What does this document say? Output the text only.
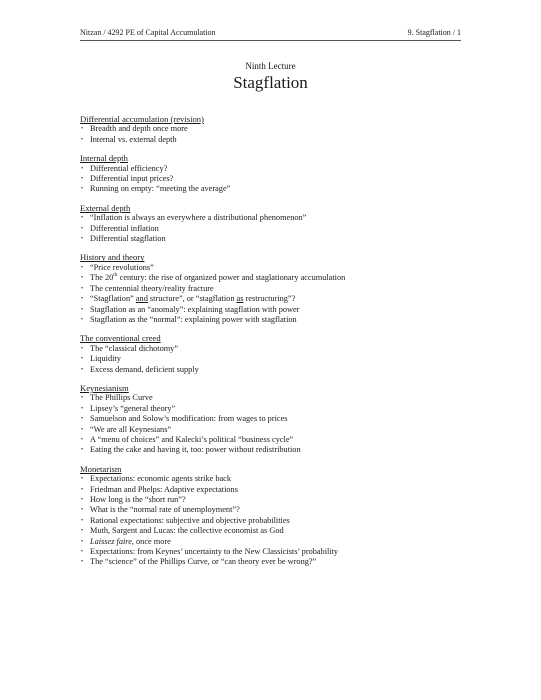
Nitzan / 4292 PE of Capital Accumulation	9. Stagflation / 1
Ninth Lecture
Stagflation
Differential accumulation (revision)
• Breadth and depth once more
• Internal vs. external depth
Internal depth
• Differential efficiency?
• Differential input prices?
• Running on empty: “meeting the average”
External depth
• “Inflation is always an everywhere a distributional phenomenon”
• Differential inflation
• Differential stagflation
History and theory
• “Price revolutions”
• The 20th century: the rise of organized power and staglationary accumulation
• The centennial theory/reality fracture
• “Stagflation” and structure”, or “stagflation as restructuring”?
• Stagflation as an “anomaly”: explaining stagflation with power
• Stagflation as the “normal”: explaining power with stagflation
The conventional creed
• The “classical dichotomy”
• Liquidity
• Excess demand, deficient supply
Keynesianism
• The Phillips Curve
• Lipsey’s “general theory”
• Samuelson and Solow’s modification: from wages to prices
• “We are all Keynesians”
• A “menu of choices” and Kalecki’s political “business cycle”
• Eating the cake and having it, too: power without redistribution
Monetarism
• Expectations: economic agents strike back
• Friedman and Phelps: Adaptive expectations
• How long is the “short run”?
• What is the “normal rate of unemployment”?
• Rational expectations: subjective and objective probabilities
• Muth, Sargent and Lucas: the collective economist as God
• Laissez faire, once more
• Expectations: from Keynes’ uncertainty to the New Classicists’ probability
• The “science” of the Phillips Curve, or “can theory ever be wrong?”
